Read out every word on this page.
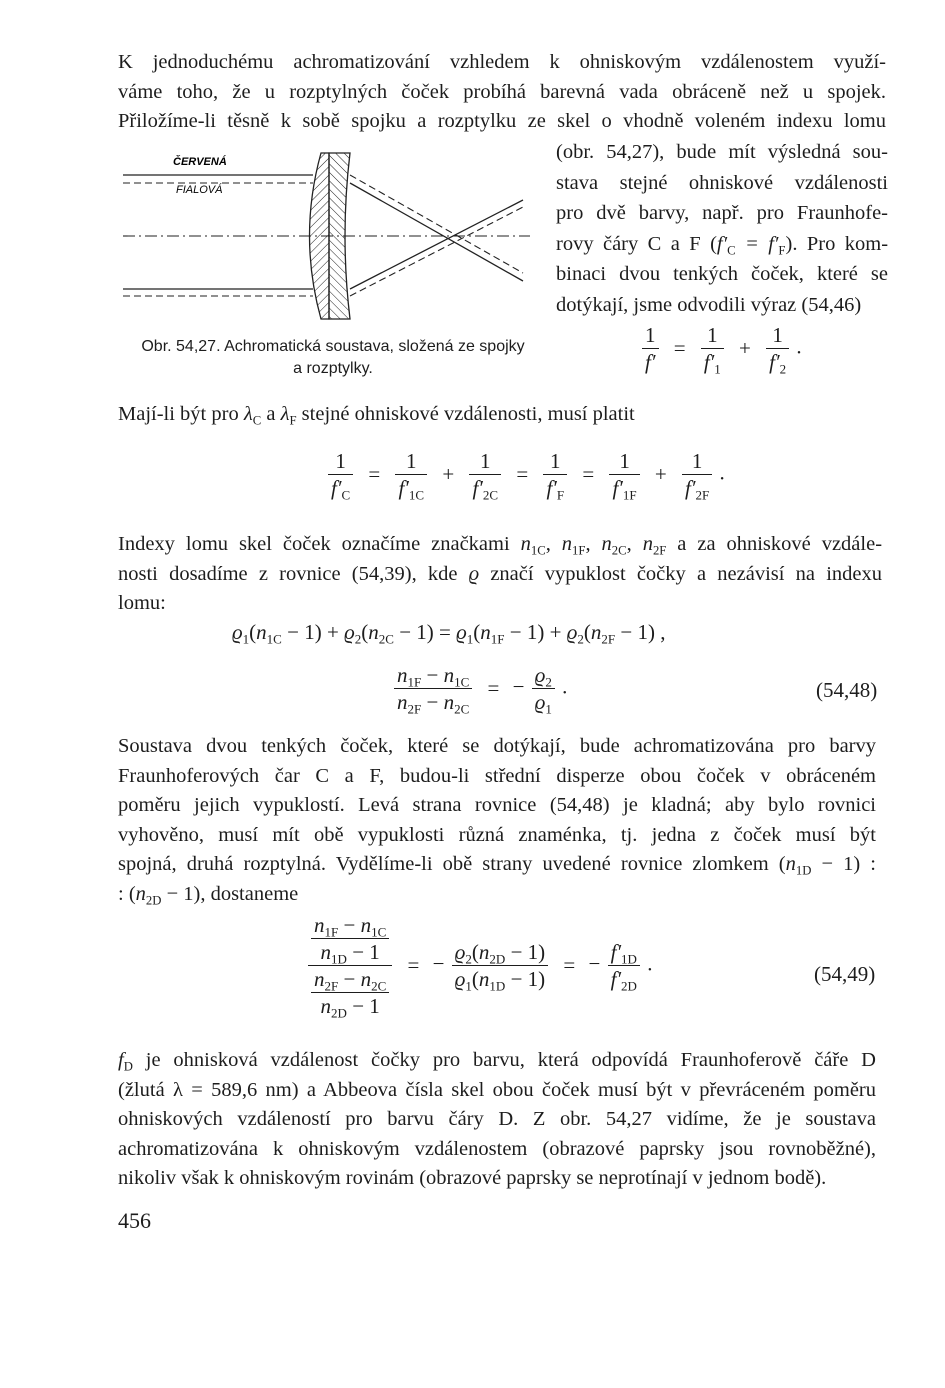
K jednoduchému achromatizování vzhledem k ohniskovým vzdálenostem využí-
váme toho, že u rozptylných čoček probíhá barevná vada obráceně než u spojek.
Přiložíme-li těsně k sobě spojku a rozptylku ze skel o vhodně voleném indexu lomu
(obr. 54,27), bude mít výsledná sou-
stava stejné ohniskové vzdálenosti
pro dvě barvy, např. pro Fraunhofe-
rovy čáry C a F $(f'_C = f'_F)$. Pro kom-
binaci dvou tenkých čoček, které se
dotýkají, jsme odvodili výraz (54,46)
ČERVENÁ
FIALOVÁ
Obr. 54,27. Achromatická soustava, složená ze spojky
a rozptylky.	$\frac{1}{f'} = \frac{1}{f'_1} + \frac{1}{f'_2}$ .
Mají-li být pro $\lambda_C$ a $\lambda_F$ stejné ohniskové vzdálenosti, musí platit
$\frac{1}{f'_C} = \frac{1}{f'_{1C}} + \frac{1}{f'_{2C}} = \frac{1}{f'_F} = \frac{1}{f'_{1F}} + \frac{1}{f'_{2F}}$ .
Indexy lomu skel čoček označíme značkami $n_{1C}$, $n_{1F}$, $n_{2C}$, $n_{2F}$ a za ohniskové vzdále-
nosti dosadíme z rovnice (54,39), kde ϱ značí vypuklost čočky a nezávisí na indexu
lomu:
$ϱ_1(n_{1C} - 1) + ϱ_2(n_{2C} - 1) = ϱ_1(n_{1F} - 1) + ϱ_2(n_{2F} - 1)$ ,
$\frac{n_{1F} - n_{1C}}{n_{2F} - n_{2C}}$ = − $\frac{ϱ_2}{ϱ_1}$ .	(54,48)
Soustava dvou tenkých čoček, které se dotýkají, bude achromatizována pro barvy
Fraunhoferových čar C a F, budou-li střední disperze obou čoček v obráceném
poměru jejich vypuklostí. Levá strana rovnice (54,48) je kladná; aby bylo rovnici
vyhověno, musí mít obě vypuklosti různá znaménka, tj. jedna z čoček musí být
spojná, druhá rozptylná. Vydělíme-li obě strany uvedené rovnice zlomkem $(n_{1D} - 1)$ :
: $(n_{2D} - 1)$, dostaneme
$\frac{\frac{n_{1F} - n_{1C}}{n_{1D} - 1}}{\frac{n_{2F} - n_{2C}}{n_{2D} - 1}}$ = − $\frac{ϱ_2(n_{2D} - 1)}{ϱ_1(n_{1D} - 1)}$ = − $\frac{f'_{1D}}{f'_{2D}}$ .	(54,49)
$f_D$ je ohnisková vzdálenost čočky pro barvu, která odpovídá Fraunhoferově čáře D
(žlutá λ = 589,6 nm) a Abbeova čísla skel obou čoček musí být v převráceném poměru
ohniskových vzdáleností pro barvu čáry D. Z obr. 54,27 vidíme, že je soustava
achromatizována k ohniskovým vzdálenostem (obrazové paprsky jsou rovnoběžné),
nikoliv však k ohniskovým rovinám (obrazové paprsky se neprotínají v jednom bodě).
456
